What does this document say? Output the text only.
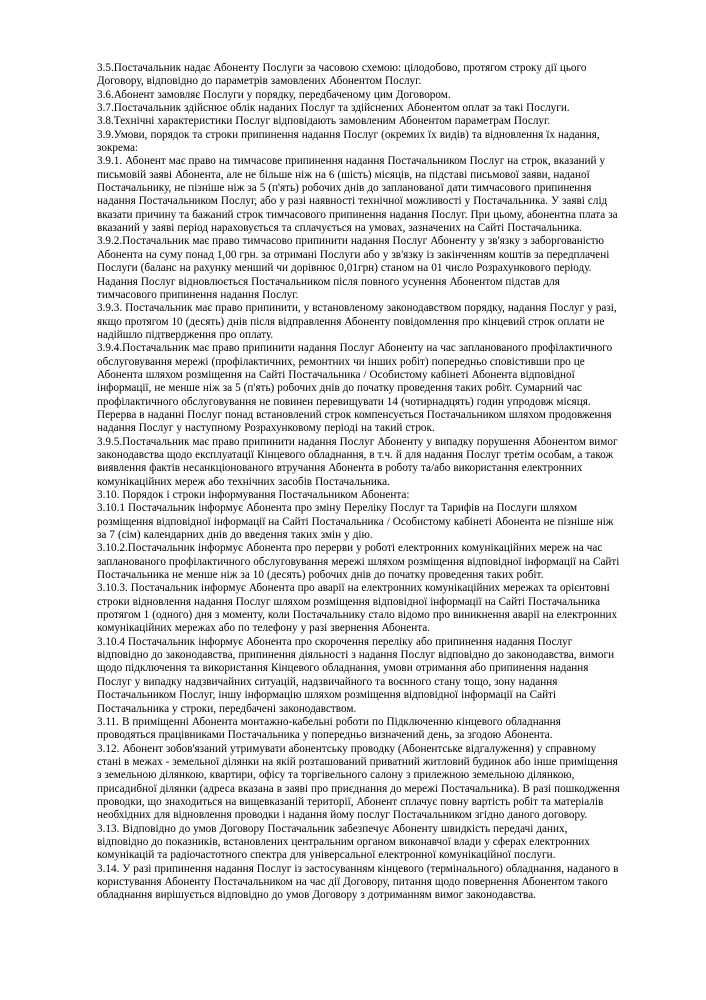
3.5.Постачальник надає Абоненту Послуги за часовою схемою: цілодобово, протягом строку дії цього Договору, відповідно до параметрів замовлених Абонентом Послуг.

3.6.Абонент замовляє Послуги у порядку, передбаченому цим Договором.

3.7.Постачальник здійснює облік наданих Послуг та здійснених Абонентом оплат за такі Послуги.

3.8.Технічні характеристики Послуг відповідають замовленим Абонентом параметрам Послуг.

3.9.Умови, порядок та строки припинення надання Послуг (окремих їх видів) та відновлення їх надання, зокрема:

3.9.1. Абонент має право на тимчасове припинення надання Постачальником Послуг на строк, вказаний у письмовій заяві Абонента, але не більше ніж на 6 (шість) місяців, на підставі письмової заяви, наданої Постачальнику, не пізніше ніж за 5 (п'ять) робочих днів до запланованої дати тимчасового припинення надання Постачальником Послуг, або у разі наявності технічної можливості у Постачальника. У заяві слід вказати причину та бажаний строк тимчасового припинення надання Послуг. При цьому, абонентна плата за вказаний у заяві період нараховується та сплачується на умовах, зазначених на Сайті Постачальника.

3.9.2.Постачальник має право тимчасово припинити надання Послуг Абоненту у зв'язку з заборгованістю Абонента на суму понад 1,00 грн. за отримані Послуги або у зв'язку із закінченням коштів за передплачені Послуги (баланс на рахунку менший чи дорівнює 0,01грн) станом на 01 число Розрахункового періоду. Надання Послуг відновлюється Постачальником після повного усунення Абонентом підстав для тимчасового припинення надання Послуг.

3.9.3. Постачальник має право припинити, у встановленому законодавством порядку, надання Послуг у разі, якщо протягом 10 (десять) днів після відправлення Абоненту повідомлення про кінцевий строк оплати не надійшло підтвердження про оплату.

3.9.4.Постачальник має право припинити надання Послуг Абоненту на час запланованого профілактичного обслуговування мережі (профілактичних, ремонтних чи інших робіт) попередньо сповістивши про це Абонента шляхом розміщення на Сайті Постачальника / Особистому кабінеті Абонента відповідної інформації, не менше ніж за 5 (п'ять) робочих днів до початку проведення таких робіт. Сумарний час профілактичного обслуговування не повинен перевищувати 14 (чотирнадцять) годин упродовж місяця. Перерва в наданні Послуг понад встановлений строк компенсується Постачальником шляхом продовження надання Послуг у наступному Розрахунковому періоді на такий строк.

3.9.5.Постачальник має право припинити надання Послуг Абоненту у випадку порушення Абонентом вимог законодавства щодо експлуатації Кінцевого обладнання, в т.ч. й для надання Послуг третім особам, а також виявлення фактів несанкціонованого втручання Абонента в роботу та/або використання електронних комунікаційних мереж або технічних засобів Постачальника.

3.10. Порядок і строки інформування Постачальником Абонента:

3.10.1 Постачальник інформує Абонента про зміну Переліку Послуг та Тарифів на Послуги шляхом розміщення відповідної інформації на Сайті Постачальника / Особистому кабінеті Абонента не пізніше ніж за 7 (сім) календарних днів до введення таких змін у дію.

3.10.2.Постачальник інформує Абонента про перерви у роботі електронних комунікаційних мереж на час запланованого профілактичного обслуговування мережі шляхом розміщення відповідної інформації на Сайті Постачальника не менше ніж за 10 (десять) робочих днів до початку проведення таких робіт.

3.10.3. Постачальник інформує Абонента про аварії на електронних комунікаційних мережах та орієнтовні строки відновлення надання Послуг шляхом розміщення відповідної інформації на Сайті Постачальника протягом 1 (одного) дня з моменту, коли Постачальнику стало відомо про виникнення аварії на електронних комунікаційних мережах або по телефону у разі звернення Абонента.

3.10.4 Постачальник інформує Абонента про скорочення переліку або припинення надання Послуг відповідно до законодавства, припинення діяльності з надання Послуг відповідно до законодавства, вимоги щодо підключення та використання Кінцевого обладнання, умови отримання або припинення надання Послуг у випадку надзвичайних ситуацій, надзвичайного та воєнного стану тощо, зону надання Постачальником Послуг, іншу інформацію шляхом розміщення відповідної інформації на Сайті Постачальника у строки, передбачені законодавством.

3.11. В приміщенні Абонента монтажно-кабельні роботи по Підключенню кінцевого обладнання проводяться працівниками Постачальника у попередньо визначений день, за згодою Абонента.

3.12. Абонент зобов'язаний утримувати абонентську проводку (Абонентське відгалуження) у справному стані в межах - земельної ділянки на якій розташований приватний житловий будинок або інше приміщення з земельною ділянкою, квартири, офісу та торгівельного салону з прилежною земельною ділянкою, присадибної ділянки (адреса вказана в заяві про приєднання до мережі Постачальника). В разі пошкодження проводки, що знаходиться на вищевказаній території, Абонент сплачує повну вартість робіт та матеріалів необхідних для відновлення проводки і надання йому послуг Постачальником згідно даного договору.

3.13. Відповідно до умов Договору Постачальник забезпечує Абоненту швидкість передачі даних, відповідно до показників, встановлених центральним органом виконавчої влади у сферах електронних комунікацій та радіочастотного спектра для універсальної електронної комунікаційної послуги.

3.14. У разі припинення надання Послуг із застосуванням кінцевого (термінального) обладнання, наданого в користування Абоненту Постачальником на час дії Договору, питання щодо повернення Абонентом такого обладнання вирішується відповідно до умов Договору з дотриманням вимог законодавства.
